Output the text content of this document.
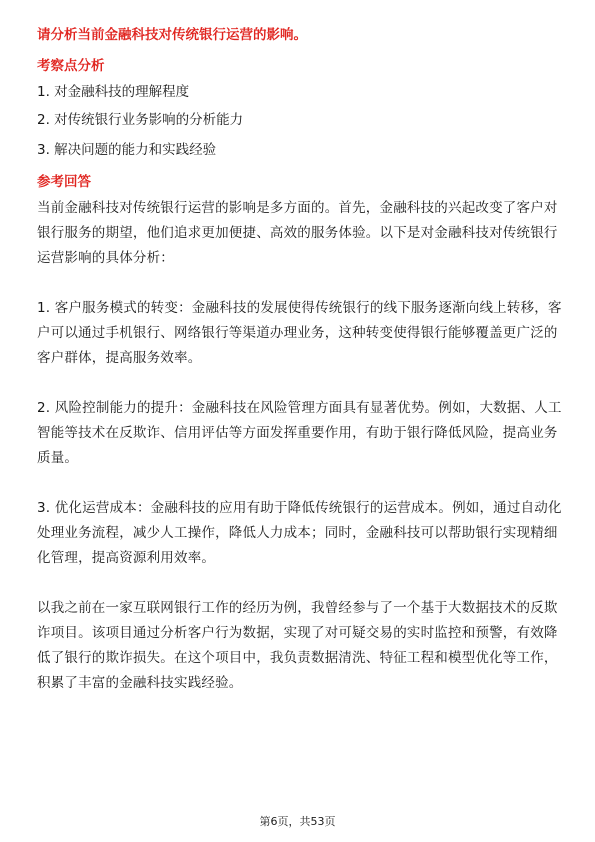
请分析当前金融科技对传统银行运营的影响。
考察点分析
1. 对金融科技的理解程度
2. 对传统银行业务影响的分析能力
3. 解决问题的能力和实践经验
参考回答

当前金融科技对传统银行运营的影响是多方面的。首先，金融科技的兴起改变了客户对银行服务的期望，他们追求更加便捷、高效的服务体验。以下是对金融科技对传统银行运营影响的具体分析：

1. 客户服务模式的转变：金融科技的发展使得传统银行的线下服务逐渐向线上转移，客户可以通过手机银行、网络银行等渠道办理业务，这种转变使得银行能够覆盖更广泛的客户群体，提高服务效率。

2. 风险控制能力的提升：金融科技在风险管理方面具有显著优势。例如，大数据、人工智能等技术在反欺诈、信用评估等方面发挥重要作用，有助于银行降低风险，提高业务质量。

3. 优化运营成本：金融科技的应用有助于降低传统银行的运营成本。例如，通过自动化处理业务流程，减少人工操作，降低人力成本；同时，金融科技可以帮助银行实现精细化管理，提高资源利用效率。

以我之前在一家互联网银行工作的经历为例，我曾经参与了一个基于大数据技术的反欺诈项目。该项目通过分析客户行为数据，实现了对可疑交易的实时监控和预警，有效降低了银行的欺诈损失。在这个项目中，我负责数据清洗、特征工程和模型优化等工作，积累了丰富的金融科技实践经验。

第6页，共53页
